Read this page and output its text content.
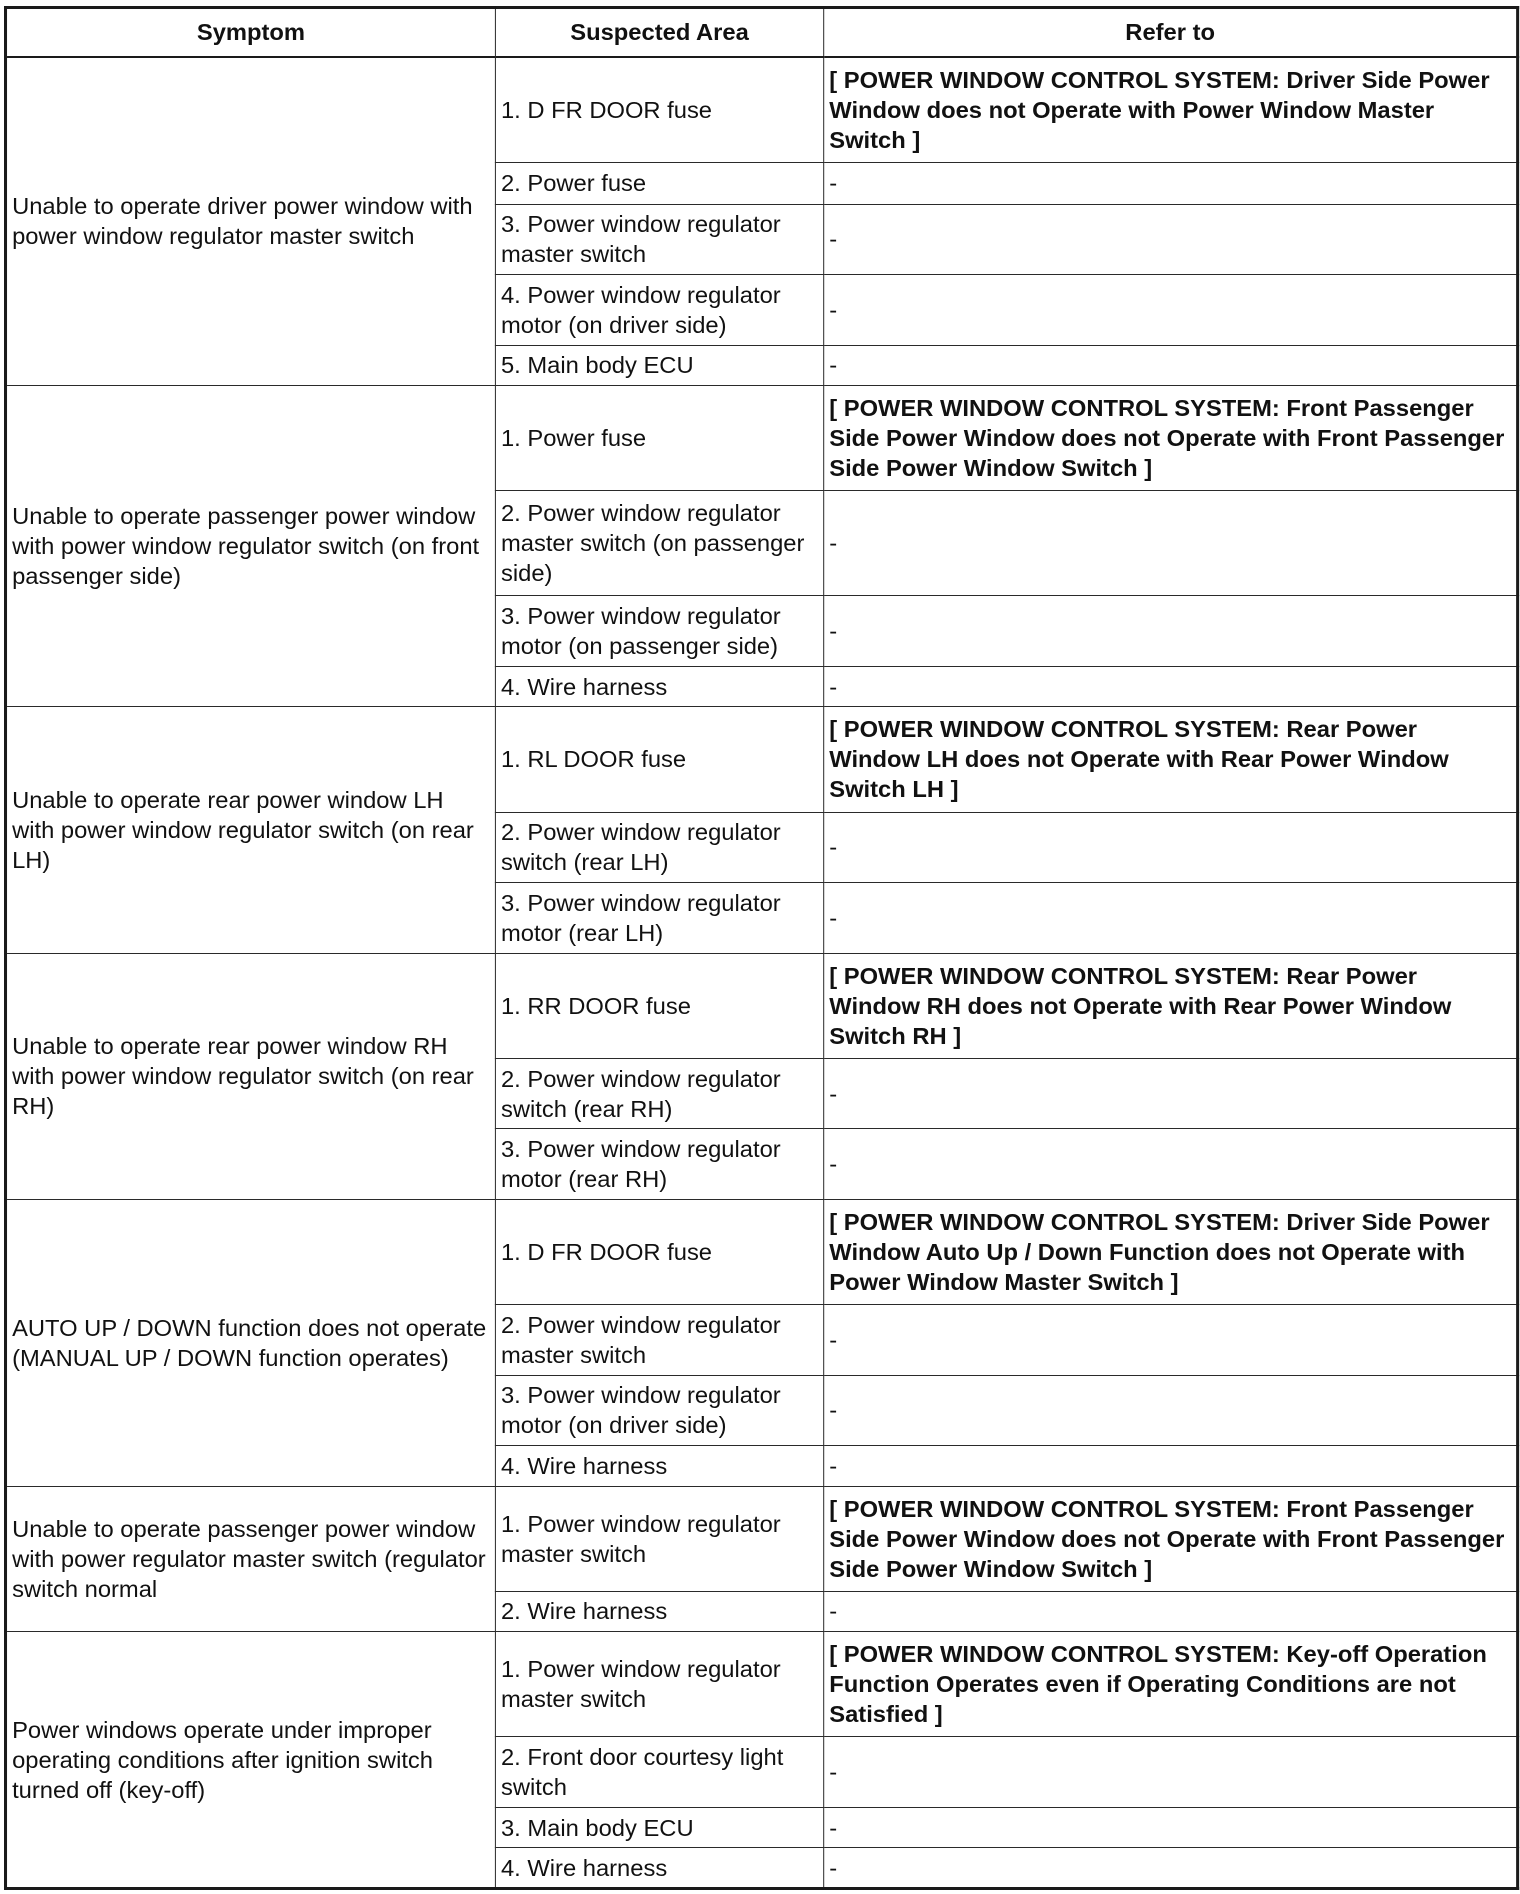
Symptom	Suspected Area	Refer to
Unable to operate driver power window with power window regulator master switch	1. D FR DOOR fuse	[ POWER WINDOW CONTROL SYSTEM: Driver Side Power Window does not Operate with Power Window Master Switch ]
	2. Power fuse	-
	3. Power window regulator master switch	-
	4. Power window regulator motor (on driver side)	-
	5. Main body ECU	-
Unable to operate passenger power window with power window regulator switch (on front passenger side)	1. Power fuse	[ POWER WINDOW CONTROL SYSTEM: Front Passenger Side Power Window does not Operate with Front Passenger Side Power Window Switch ]
	2. Power window regulator master switch (on passenger side)	-
	3. Power window regulator motor (on passenger side)	-
	4. Wire harness	-
Unable to operate rear power window LH with power window regulator switch (on rear LH)	1. RL DOOR fuse	[ POWER WINDOW CONTROL SYSTEM: Rear Power Window LH does not Operate with Rear Power Window Switch LH ]
	2. Power window regulator switch (rear LH)	-
	3. Power window regulator motor (rear LH)	-
Unable to operate rear power window RH with power window regulator switch (on rear RH)	1. RR DOOR fuse	[ POWER WINDOW CONTROL SYSTEM: Rear Power Window RH does not Operate with Rear Power Window Switch RH ]
	2. Power window regulator switch (rear RH)	-
	3. Power window regulator motor (rear RH)	-
AUTO UP / DOWN function does not operate (MANUAL UP / DOWN function operates)	1. D FR DOOR fuse	[ POWER WINDOW CONTROL SYSTEM: Driver Side Power Window Auto Up / Down Function does not Operate with Power Window Master Switch ]
	2. Power window regulator master switch	-
	3. Power window regulator motor (on driver side)	-
	4. Wire harness	-
Unable to operate passenger power window with power regulator master switch (regulator switch normal	1. Power window regulator master switch	[ POWER WINDOW CONTROL SYSTEM: Front Passenger Side Power Window does not Operate with Front Passenger Side Power Window Switch ]
	2. Wire harness	-
Power windows operate under improper operating conditions after ignition switch turned off (key-off)	1. Power window regulator master switch	[ POWER WINDOW CONTROL SYSTEM: Key-off Operation Function Operates even if Operating Conditions are not Satisfied ]
	2. Front door courtesy light switch	-
	3. Main body ECU	-
	4. Wire harness	-
